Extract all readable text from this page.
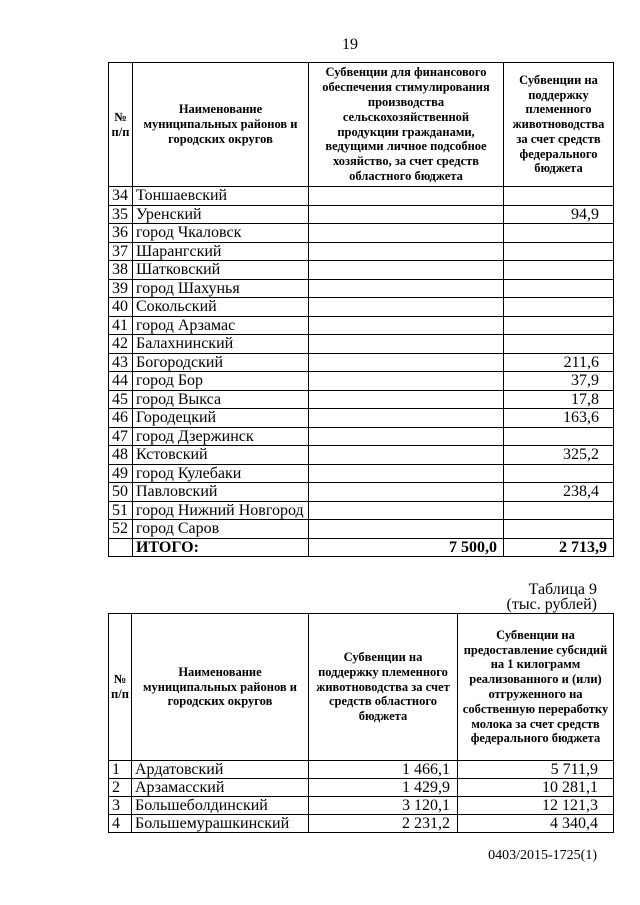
19
№ п/п	Наименование муниципальных районов и городских округов	Субвенции для финансового обеспечения стимулирования производства сельскохозяйственной продукции гражданами, ведущими личное подсобное хозяйство, за счет средств областного бюджета	Субвенции на поддержку племенного животноводства за счет средств федерального бюджета
34	Тоншаевский		
35	Уренский		94,9
36	город Чкаловск		
37	Шарангский		
38	Шатковский		
39	город Шахунья		
40	Сокольский		
41	город Арзамас		
42	Балахнинский		
43	Богородский		211,6
44	город Бор		37,9
45	город Выкса		17,8
46	Городецкий		163,6
47	город Дзержинск		
48	Кстовский		325,2
49	город Кулебаки		
50	Павловский		238,4
51	город Нижний Новгород		
52	город Саров		
	ИТОГО:	7 500,0	2 713,9
Таблица 9
(тыс. рублей)
№ п/п	Наименование муниципальных районов и городских округов	Субвенции на поддержку племенного животноводства за счет средств областного бюджета	Субвенции на предоставление субсидий на 1 килограмм реализованного и (или) отгруженного на собственную переработку молока за счет средств федерального бюджета
1	Ардатовский	1 466,1	5 711,9
2	Арзамасский	1 429,9	10 281,1
3	Большеболдинский	3 120,1	12 121,3
4	Большемурашкинский	2 231,2	4 340,4
0403/2015-1725(1)
